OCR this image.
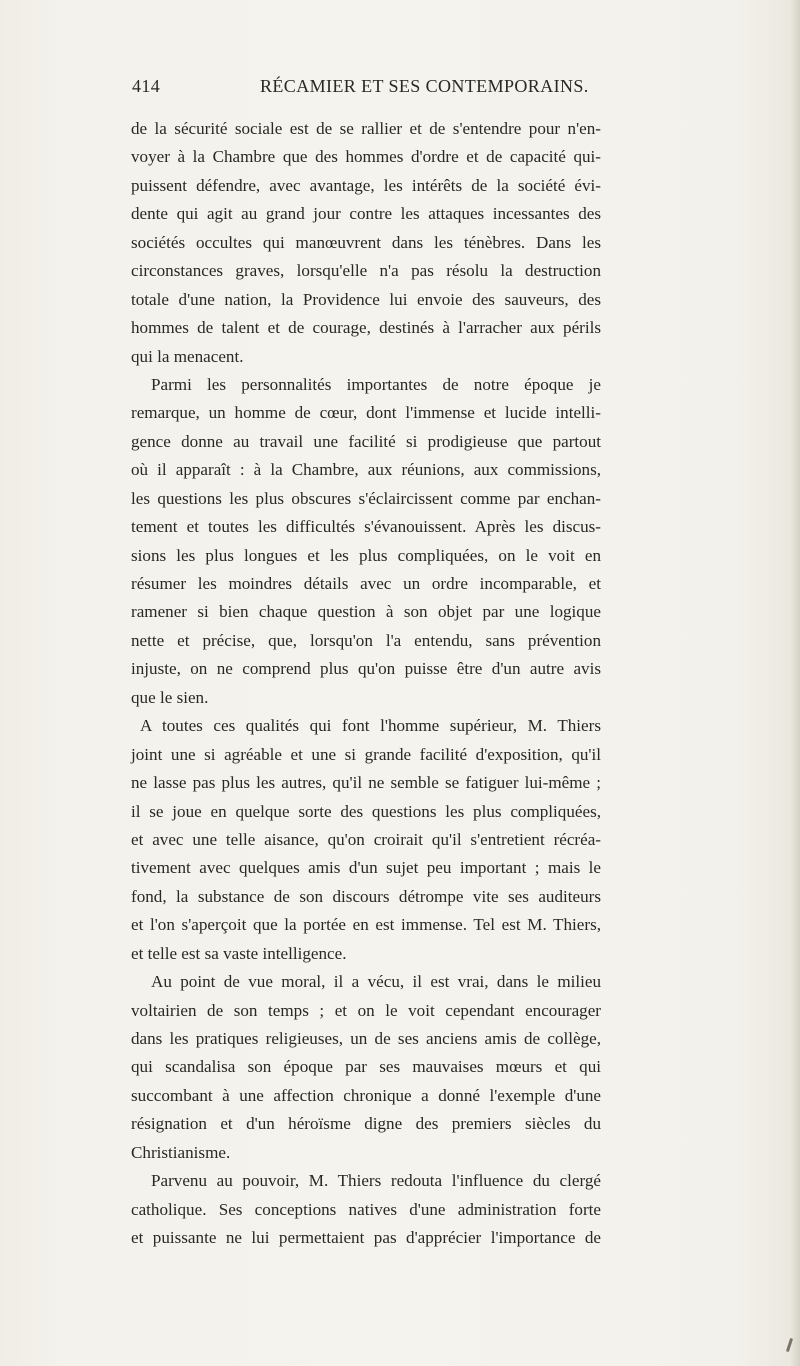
414	RÉCAMIER ET SES CONTEMPORAINS.
de la sécurité sociale est de se rallier et de s'entendre pour n'en-
voyer à la Chambre que des hommes d'ordre et de capacité qui-
puissent défendre, avec avantage, les intérêts de la société évi-
dente qui agit au grand jour contre les attaques incessantes des
sociétés occultes qui manœuvrent dans les ténèbres. Dans les
circonstances graves, lorsqu'elle n'a pas résolu la destruction
totale d'une nation, la Providence lui envoie des sauveurs, des
hommes de talent et de courage, destinés à l'arracher aux périls
qui la menacent.
Parmi les personnalités importantes de notre époque je
remarque, un homme de cœur, dont l'immense et lucide intelli-
gence donne au travail une facilité si prodigieuse que partout
où il apparaît : à la Chambre, aux réunions, aux commissions,
les questions les plus obscures s'éclaircissent comme par enchan-
tement et toutes les difficultés s'évanouissent. Après les discus-
sions les plus longues et les plus compliquées, on le voit en
résumer les moindres détails avec un ordre incomparable, et
ramener si bien chaque question à son objet par une logique
nette et précise, que, lorsqu'on l'a entendu, sans prévention
injuste, on ne comprend plus qu'on puisse être d'un autre avis
que le sien.
A toutes ces qualités qui font l'homme supérieur, M. Thiers
joint une si agréable et une si grande facilité d'exposition, qu'il
ne lasse pas plus les autres, qu'il ne semble se fatiguer lui-même ;
il se joue en quelque sorte des questions les plus compliquées,
et avec une telle aisance, qu'on croirait qu'il s'entretient récréa-
tivement avec quelques amis d'un sujet peu important ; mais le
fond, la substance de son discours détrompe vite ses auditeurs
et l'on s'aperçoit que la portée en est immense. Tel est M. Thiers,
et telle est sa vaste intelligence.
Au point de vue moral, il a vécu, il est vrai, dans le milieu
voltairien de son temps ; et on le voit cependant encourager
dans les pratiques religieuses, un de ses anciens amis de collège,
qui scandalisa son époque par ses mauvaises mœurs et qui
succombant à une affection chronique a donné l'exemple d'une
résignation et d'un héroïsme digne des premiers siècles du
Christianisme.
Parvenu au pouvoir, M. Thiers redouta l'influence du clergé
catholique. Ses conceptions natives d'une administration forte
et puissante ne lui permettaient pas d'apprécier l'importance de
